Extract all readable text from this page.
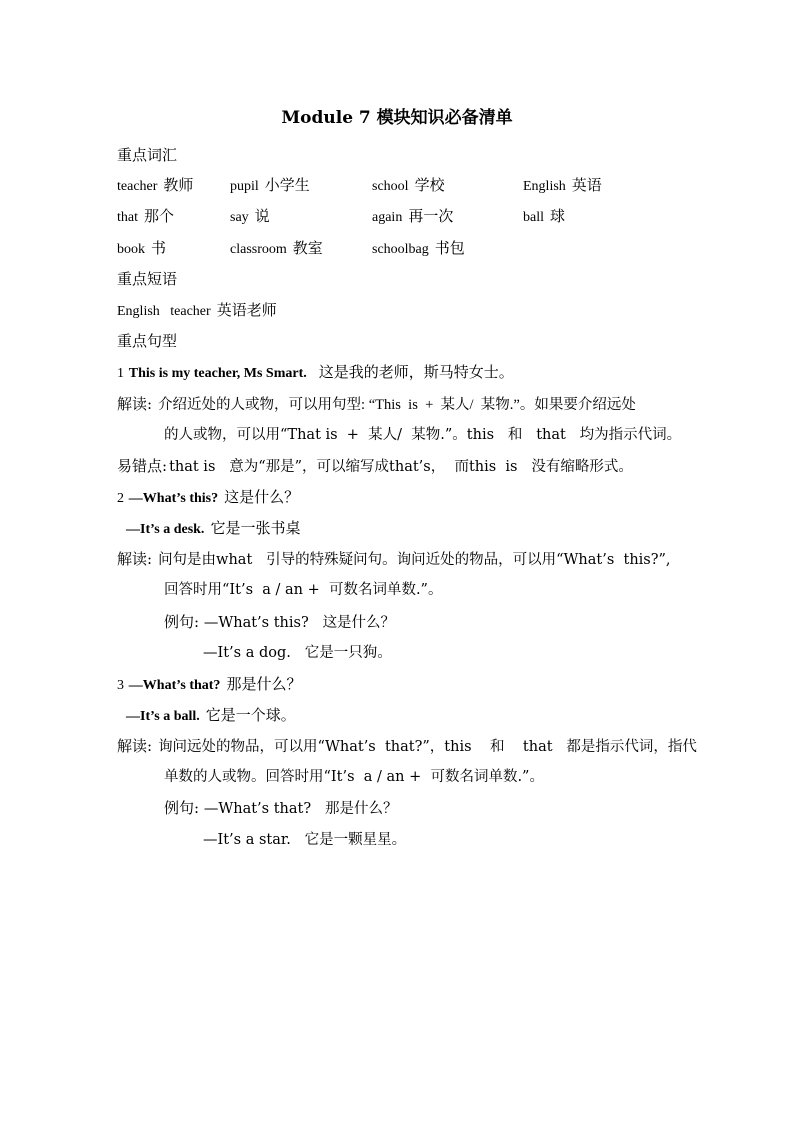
Module 7 模块知识必备清单
重点词汇
teacher 教师	pupil 小学生	school 学校	English 英语
that 那个	say 说	again 再一次	ball 球
book 书	classroom 教室	schoolbag 书包
重点短语
English   teacher 英语老师
重点句型
1 This is my teacher, Ms Smart. 这是我的老师，斯马特女士。
解读: 介绍近处的人或物，可以用句型: “This  is  +  某人/  某物.”。如果要介绍远处
的人或物，可以用“That is  +  某人/  某物.”。this   和   that   均为指示代词。
易错点: that is   意为“那是”，可以缩写成that’s，  而this  is   没有缩略形式。
2 —What’s this? 这是什么？
—It’s a desk. 它是一张书桌
解读: 问句是由what   引导的特殊疑问句。询问近处的物品，可以用“What’s  this?”,
回答时用“It’s  a / an +  可数名词单数.”。
例句: —What’s this?   这是什么？
—It’s a dog.   它是一只狗。
3 —What’s that? 那是什么？
—It’s a ball. 它是一个球。
解读: 询问远处的物品，可以用“What’s  that?”，this    和    that   都是指示代词，指代
单数的人或物。回答时用“It’s  a / an +  可数名词单数.”。
例句: —What’s that?   那是什么？
—It’s a star.   它是一颗星星。
